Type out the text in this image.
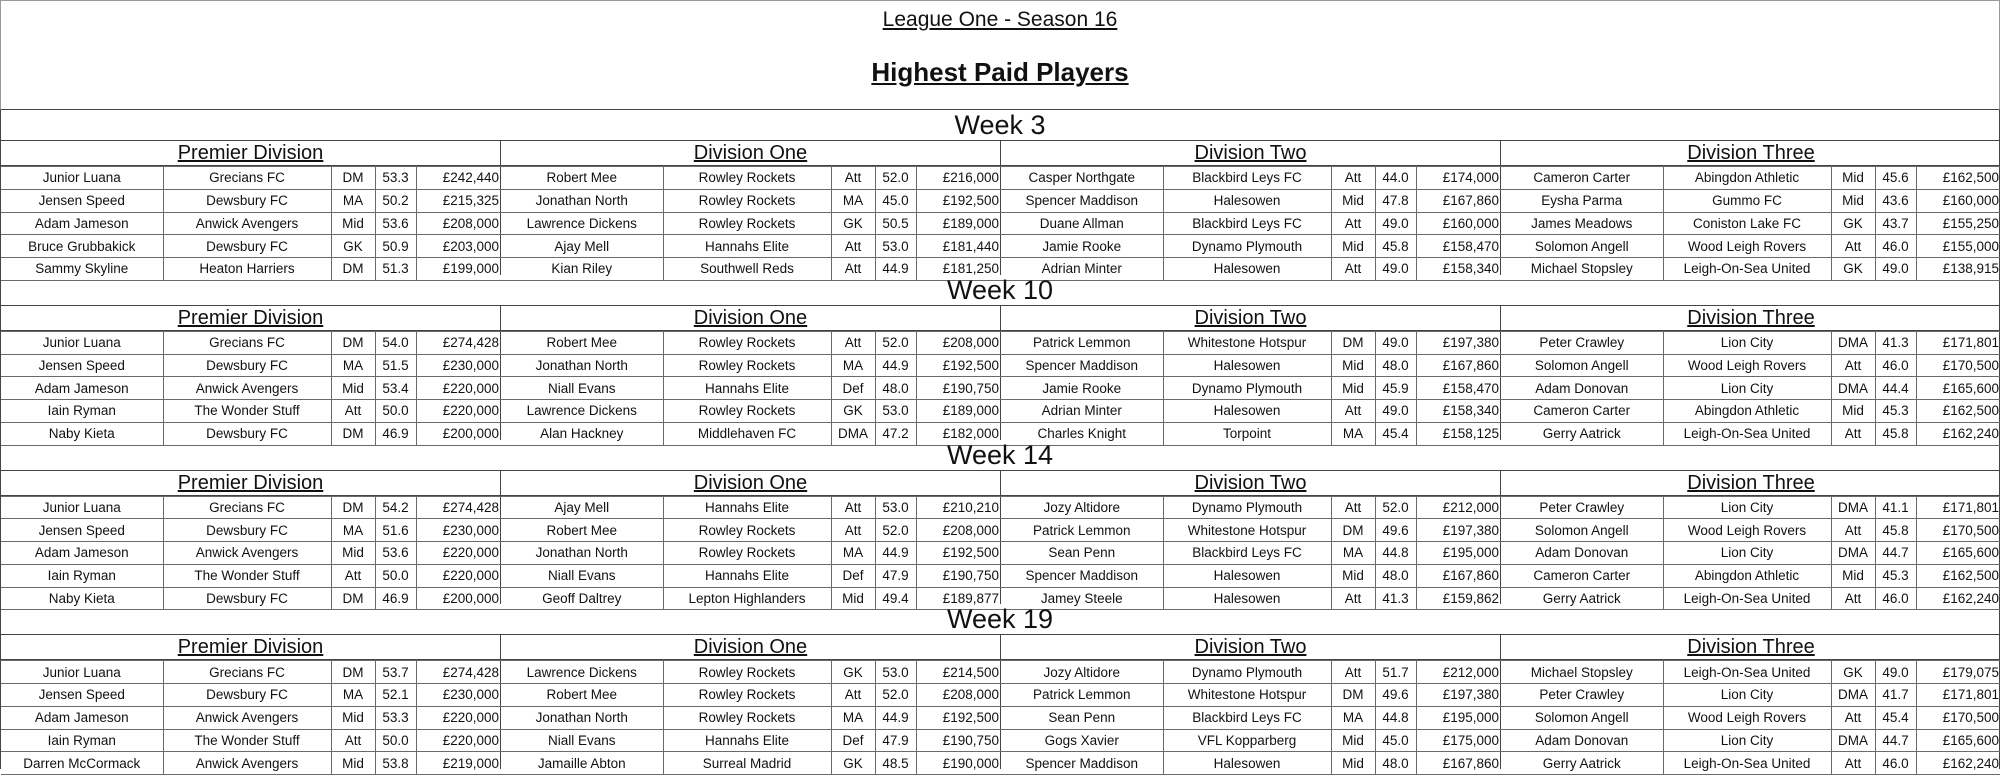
League One - Season 16
Highest Paid Players
Week 3
Premier Division
Junior Luana	Grecians FC	DM	53.3	£242,440
Jensen Speed	Dewsbury FC	MA	50.2	£215,325
Adam Jameson	Anwick Avengers	Mid	53.6	£208,000
Bruce Grubbakick	Dewsbury FC	GK	50.9	£203,000
Sammy Skyline	Heaton Harriers	DM	51.3	£199,000
Division One
Robert Mee	Rowley Rockets	Att	52.0	£216,000
Jonathan North	Rowley Rockets	MA	45.0	£192,500
Lawrence Dickens	Rowley Rockets	GK	50.5	£189,000
Ajay Mell	Hannahs Elite	Att	53.0	£181,440
Kian Riley	Southwell Reds	Att	44.9	£181,250
Division Two
Casper Northgate	Blackbird Leys FC	Att	44.0	£174,000
Spencer Maddison	Halesowen	Mid	47.8	£167,860
Duane Allman	Blackbird Leys FC	Att	49.0	£160,000
Jamie Rooke	Dynamo Plymouth	Mid	45.8	£158,470
Adrian Minter	Halesowen	Att	49.0	£158,340
Division Three
Cameron Carter	Abingdon Athletic	Mid	45.6	£162,500
Eysha Parma	Gummo FC	Mid	43.6	£160,000
James Meadows	Coniston Lake FC	GK	43.7	£155,250
Solomon Angell	Wood Leigh Rovers	Att	46.0	£155,000
Michael Stopsley	Leigh-On-Sea United	GK	49.0	£138,915
Week 10
Premier Division
Junior Luana	Grecians FC	DM	54.0	£274,428
Jensen Speed	Dewsbury FC	MA	51.5	£230,000
Adam Jameson	Anwick Avengers	Mid	53.4	£220,000
Iain Ryman	The Wonder Stuff	Att	50.0	£220,000
Naby Kieta	Dewsbury FC	DM	46.9	£200,000
Division One
Robert Mee	Rowley Rockets	Att	52.0	£208,000
Jonathan North	Rowley Rockets	MA	44.9	£192,500
Niall Evans	Hannahs Elite	Def	48.0	£190,750
Lawrence Dickens	Rowley Rockets	GK	53.0	£189,000
Alan Hackney	Middlehaven FC	DMA	47.2	£182,000
Division Two
Patrick Lemmon	Whitestone Hotspur	DM	49.0	£197,380
Spencer Maddison	Halesowen	Mid	48.0	£167,860
Jamie Rooke	Dynamo Plymouth	Mid	45.9	£158,470
Adrian Minter	Halesowen	Att	49.0	£158,340
Charles Knight	Torpoint	MA	45.4	£158,125
Division Three
Peter Crawley	Lion City	DMA	41.3	£171,801
Solomon Angell	Wood Leigh Rovers	Att	46.0	£170,500
Adam Donovan	Lion City	DMA	44.4	£165,600
Cameron Carter	Abingdon Athletic	Mid	45.3	£162,500
Gerry Aatrick	Leigh-On-Sea United	Att	45.8	£162,240
Week 14
Premier Division
Junior Luana	Grecians FC	DM	54.2	£274,428
Jensen Speed	Dewsbury FC	MA	51.6	£230,000
Adam Jameson	Anwick Avengers	Mid	53.6	£220,000
Iain Ryman	The Wonder Stuff	Att	50.0	£220,000
Naby Kieta	Dewsbury FC	DM	46.9	£200,000
Division One
Ajay Mell	Hannahs Elite	Att	53.0	£210,210
Robert Mee	Rowley Rockets	Att	52.0	£208,000
Jonathan North	Rowley Rockets	MA	44.9	£192,500
Niall Evans	Hannahs Elite	Def	47.9	£190,750
Geoff Daltrey	Lepton Highlanders	Mid	49.4	£189,877
Division Two
Jozy Altidore	Dynamo Plymouth	Att	52.0	£212,000
Patrick Lemmon	Whitestone Hotspur	DM	49.6	£197,380
Sean Penn	Blackbird Leys FC	MA	44.8	£195,000
Spencer Maddison	Halesowen	Mid	48.0	£167,860
Jamey Steele	Halesowen	Att	41.3	£159,862
Division Three
Peter Crawley	Lion City	DMA	41.1	£171,801
Solomon Angell	Wood Leigh Rovers	Att	45.8	£170,500
Adam Donovan	Lion City	DMA	44.7	£165,600
Cameron Carter	Abingdon Athletic	Mid	45.3	£162,500
Gerry Aatrick	Leigh-On-Sea United	Att	46.0	£162,240
Week 19
Premier Division
Junior Luana	Grecians FC	DM	53.7	£274,428
Jensen Speed	Dewsbury FC	MA	52.1	£230,000
Adam Jameson	Anwick Avengers	Mid	53.3	£220,000
Iain Ryman	The Wonder Stuff	Att	50.0	£220,000
Darren McCormack	Anwick Avengers	Mid	53.8	£219,000
Division One
Lawrence Dickens	Rowley Rockets	GK	53.0	£214,500
Robert Mee	Rowley Rockets	Att	52.0	£208,000
Jonathan North	Rowley Rockets	MA	44.9	£192,500
Niall Evans	Hannahs Elite	Def	47.9	£190,750
Jamaille Abton	Surreal Madrid	GK	48.5	£190,000
Division Two
Jozy Altidore	Dynamo Plymouth	Att	51.7	£212,000
Patrick Lemmon	Whitestone Hotspur	DM	49.6	£197,380
Sean Penn	Blackbird Leys FC	MA	44.8	£195,000
Gogs Xavier	VFL Kopparberg	Mid	45.0	£175,000
Spencer Maddison	Halesowen	Mid	48.0	£167,860
Division Three
Michael Stopsley	Leigh-On-Sea United	GK	49.0	£179,075
Peter Crawley	Lion City	DMA	41.7	£171,801
Solomon Angell	Wood Leigh Rovers	Att	45.4	£170,500
Adam Donovan	Lion City	DMA	44.7	£165,600
Gerry Aatrick	Leigh-On-Sea United	Att	46.0	£162,240
